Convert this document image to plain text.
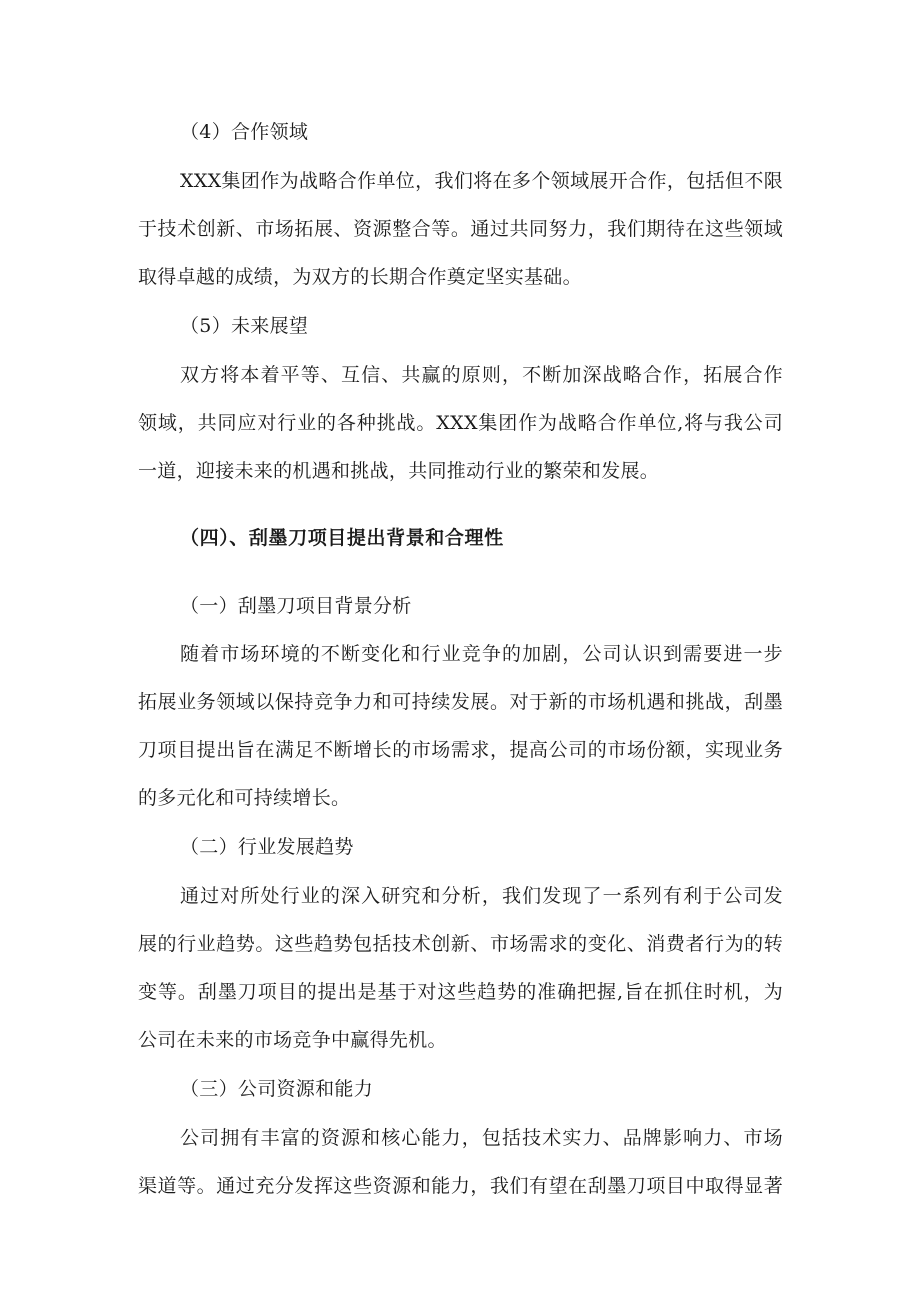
（4）合作领域
XXX集团作为战略合作单位，我们将在多个领域展开合作，包括但不限
于技术创新、市场拓展、资源整合等。通过共同努力，我们期待在这些领域
取得卓越的成绩，为双方的长期合作奠定坚实基础。
（5）未来展望
双方将本着平等、互信、共赢的原则，不断加深战略合作，拓展合作
领域，共同应对行业的各种挑战。XXX集团作为战略合作单位,将与我公司
一道，迎接未来的机遇和挑战，共同推动行业的繁荣和发展。
（四）、刮墨刀项目提出背景和合理性
（一）刮墨刀项目背景分析
随着市场环境的不断变化和行业竞争的加剧，公司认识到需要进一步
拓展业务领域以保持竞争力和可持续发展。对于新的市场机遇和挑战，刮墨
刀项目提出旨在满足不断增长的市场需求，提高公司的市场份额，实现业务
的多元化和可持续增长。
（二）行业发展趋势
通过对所处行业的深入研究和分析，我们发现了一系列有利于公司发
展的行业趋势。这些趋势包括技术创新、市场需求的变化、消费者行为的转
变等。刮墨刀项目的提出是基于对这些趋势的准确把握,旨在抓住时机，为
公司在未来的市场竞争中赢得先机。
（三）公司资源和能力
公司拥有丰富的资源和核心能力，包括技术实力、品牌影响力、市场
渠道等。通过充分发挥这些资源和能力，我们有望在刮墨刀项目中取得显著
